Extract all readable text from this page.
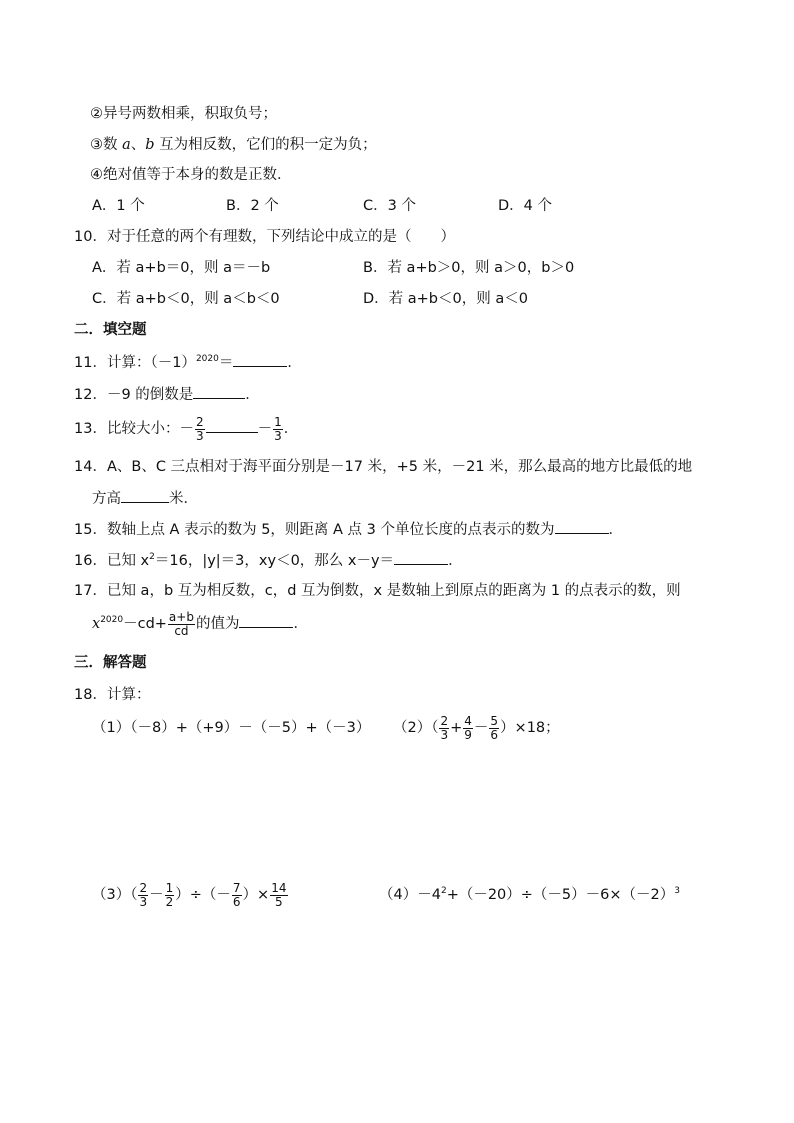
②异号两数相乘，积取负号；
③数 a、b 互为相反数，它们的积一定为负；
④绝对值等于本身的数是正数．
A．1 个	B．2 个	C．3 个	D．4 个
10．对于任意的两个有理数，下列结论中成立的是（　　）
A．若 a+b＝0，则 a＝－b	B．若 a+b＞0，则 a＞0，b＞0
C．若 a+b＜0，则 a＜b＜0	D．若 a+b＜0，则 a＜0
二．填空题
11．计算：$(-1)^{2020}=$	．
12．－9 的倒数是	．
13．比较大小：－ $\frac{2}{3}$	－ $\frac{1}{3}$ ．
14．A、B、C 三点相对于海平面分别是－17 米，+5 米，－21 米，那么最高的地方比最低的地
方高	米．
15．数轴上点 A 表示的数为 5，则距离 A 点 3 个单位长度的点表示的数为	．
16．已知 $x^2=16$，|y|＝3，xy＜0，那么 x－y＝	．
17．已知 a，b 互为相反数，c，d 互为倒数，x 是数轴上到原点的距离为 1 的点表示的数，则
$x^{2020}-cd+ \frac{a+b}{cd}$ 的值为	．
三．解答题
18．计算：
（1）（－8）+（+9）－（－5）+（－3） $(2)( \frac{2}{3} + \frac{4}{9} - \frac{5}{6} )\times 18$；
$(3)( \frac{2}{3} - \frac{1}{2}$ ）÷（－ $\frac{7}{6}$ ）× $\frac{14}{5}$	$(4)-4^2+(-20)\div(-5)-6\times(-2)^3$
